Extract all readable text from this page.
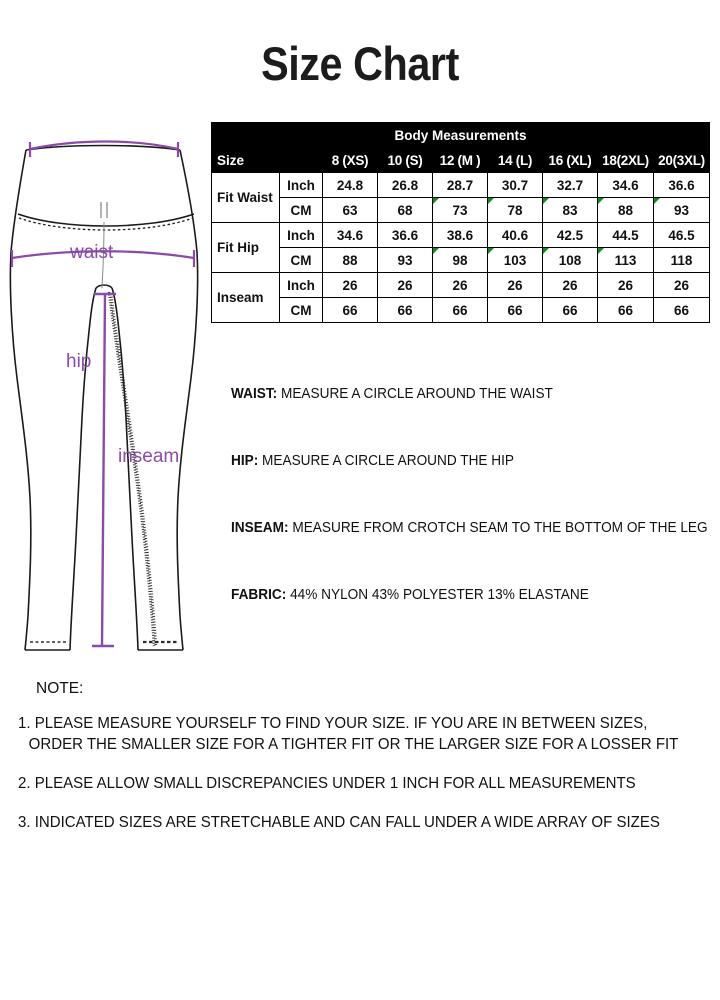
Size Chart
waist
hip
inseam
Body Measurements								
Size		8 (XS)	10 (S)	12 (M )	14 (L)	16 (XL)	18(2XL)	20(3XL)
Fit Waist	Inch	24.8	26.8	28.7	30.7	32.7	34.6	36.6
	CM	63	68	73	78	83	88	93
Fit Hip	Inch	34.6	36.6	38.6	40.6	42.5	44.5	46.5
	CM	88	93	98	103	108	113	118
Inseam	Inch	26	26	26	26	26	26	26
	CM	66	66	66	66	66	66	66
WAIST: MEASURE A CIRCLE AROUND THE WAIST
HIP: MEASURE A CIRCLE AROUND THE HIP
INSEAM: MEASURE FROM CROTCH SEAM TO THE BOTTOM OF THE LEG
FABRIC: 44% NYLON 43% POLYESTER 13% ELASTANE
NOTE:
1. PLEASE MEASURE YOURSELF TO FIND YOUR SIZE. IF YOU ARE IN BETWEEN SIZES,
ORDER THE SMALLER SIZE FOR A TIGHTER FIT OR THE LARGER SIZE FOR A LOSSER FIT
2. PLEASE ALLOW SMALL DISCREPANCIES UNDER 1 INCH FOR ALL MEASUREMENTS
3. INDICATED SIZES ARE STRETCHABLE AND CAN FALL UNDER A WIDE ARRAY OF SIZES
